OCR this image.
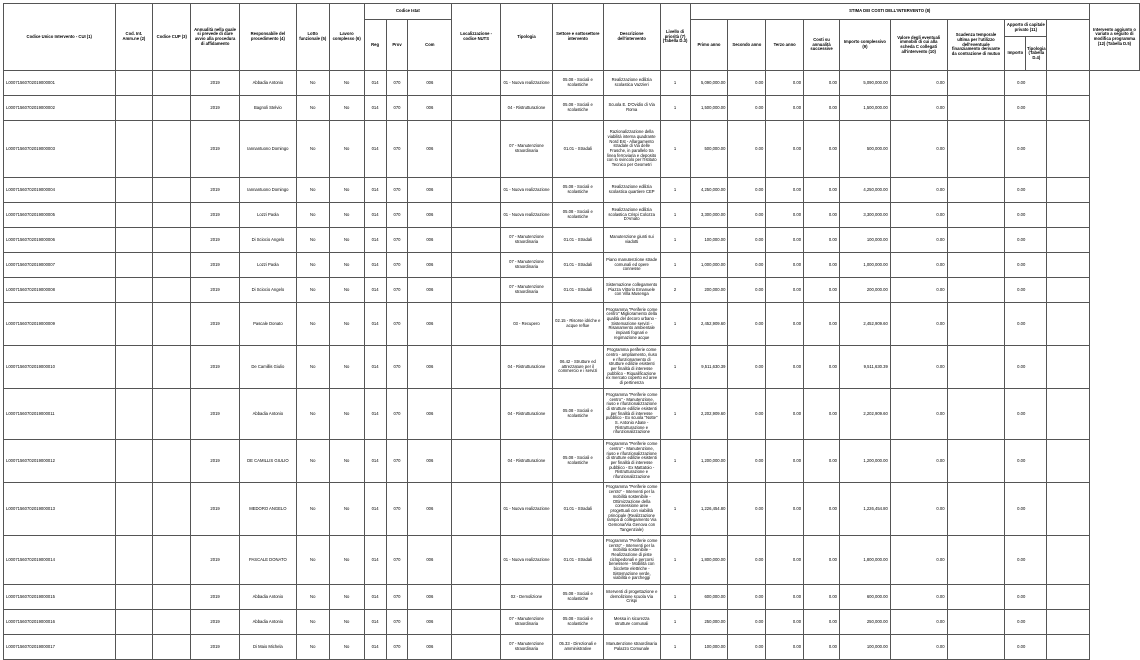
Codice Unico Intervento - CUI (1)	Cod. Int. Amm.ne (2)	Codice CUP (3)	Annualità nella quale si prevede di dare avvio alla procedura di affidamento	Responsabile del procedimento (4)	Lotto funzionale (5)	Lavoro complesso (6)	Codice Istat			Localizzazione - codice NUTS	Tipologia	Settore e sottosettore intervento	Descrizione dell'intervento	Livello di priorità (7) (Tabella D.3)	STIMA DEI COSTI DELL'INTERVENTO (8)									Intervento aggiunto o variato a seguito di modifica programma (12) (Tabella D.5)
							Reg	Prov	Com						Primo anno	Secondo anno	Terzo anno	Costi su annualità successive	Importo complessivo (9)	Valore degli eventuali immobili di cui alla scheda C collegati all'intervento (10)	Scadenza temporale ultima per l'utilizzo dell'eventuale finanziamento derivante da contrazione di mutuo	Apporto di capitale privato (11)
Importo
Tipologia (Tabella D.4)		

L00071560702019000001			2019	Abbadia Antonio	No	No	014	070	006		01 - Nuova realizzazione	05.08 - Sociali e scolastiche	Realizzazione edilizia scolastica Vazzieri	1	5,090,000.00	0.00	0.00	0.00	5,090,000.00	0.00		0.00		

L00071560702019000002			2019	Bagnoli Stelvio	No	No	014	070	006		04 - Ristrutturazione	05.08 - Sociali e scolastiche	Scuola E. D'Ovidio di Via Roma	1	1,500,000.00	0.00	0.00	0.00	1,500,000.00	0.00		0.00		

L00071560702019000003			2019	Iannantuono Domingo	No	No	014	070	006		07 - Manutenzione straordinaria	01.01 - Stradali	Razionalizzazione della viabilità interna quadrante Nord Est - Allargamento stradale di Via delle Frasche, in parallelo tra linea ferroviaria e deposito con lo svincolo per l'Istituto Tecnico per Geometri	1	500,000.00	0.00	0.00	0.00	500,000.00	0.00		0.00		

L00071560702019000004			2019	Iannantuono Domingo	No	No	014	070	006		01 - Nuova realizzazione	05.08 - Sociali e scolastiche	Realizzazione edilizia scolastica quartiere CEP	1	4,250,000.00	0.00	0.00	0.00	4,250,000.00	0.00		0.00		

L00071560702019000005			2019	Lozzi Paola	No	No	014	070	006		01 - Nuova realizzazione	05.08 - Sociali e scolastiche	Realizzazione edilizia scolastica Crispi Colozza D'Amato	1	3,300,000.00	0.00	0.00	0.00	3,300,000.00	0.00		0.00		

L00071560702019000006			2019	Di Sciocio Angelo	No	No	014	070	006		07 - Manutenzione straordinaria	01.01 - Stradali	Manutenzione giunti sui viadotti	1	100,000.00	0.00	0.00	0.00	100,000.00	0.00		0.00		

L00071560702019000007			2019	Lozzi Paola	No	No	014	070	006		07 - Manutenzione straordinaria	01.01 - Stradali	Piano manutenzione strade comunali ed opere connesse	1	1,000,000.00	0.00	0.00	0.00	1,000,000.00	0.00		0.00		

L00071560702019000008			2019	Di Sciocio Angelo	No	No	014	070	006		07 - Manutenzione straordinaria	01.01 - Stradali	Sistemazione collegamento Piazza Vittorio Emanuele con Villa Musenga	2	200,000.00	0.00	0.00	0.00	200,000.00	0.00		0.00		

L00071560702019000009			2019	Pascale Donato	No	No	014	070	006		03 - Recupero	02.15 - Risorse idriche e acque reflue	Programma "Periferie come centro" Miglioramento della qualità del decoro urbano - Sistemazione servizi - Risanamento ambientale impianti fognari e regimazione acque	1	2,452,909.60	0.00	0.00	0.00	2,452,909.60	0.00		0.00		

L00071560702019000010			2019	De Camillis Giulio	No	No	014	070	006		04 - Ristrutturazione	06.42 - Strutture ed attrezzature per il commercio e i servizi	Programma periferie come centro - ampliamento, riuso e rifunzionamento di strutture edilizie esistenti per finalità di interesse pubblico - Riqualificazione ex mercato coperto ed aree di pertinenza	1	9,511,630.39	0.00	0.00	0.00	9,511,630.39	0.00		0.00		

L00071560702019000011			2019	Abbadia Antonio	No	No	014	070	006		04 - Ristrutturazione	05.08 - Sociali e scolastiche	Programma "Periferie come centro" - Manutenzione, riuso e rifunzionalizzazione di strutture edilizie esistenti per finalità di interesse pubblico - Ex scuola "Notte" S. Antonio Abate - Ristrutturazione e rifunzionalizzazione	1	2,202,909.60	0.00	0.00	0.00	2,202,909.60	0.00		0.00		

L00071560702019000012			2019	DE CAMILLIS GIULIO	No	No	014	070	006		04 - Ristrutturazione	05.08 - Sociali e scolastiche	Programma "Periferie come centro" - Manutenzione, riuso e rifunzionalizzazione di strutture edilizie esistenti per finalità di interesse pubblico - Ex Mattatoio - Ristrutturazione e rifunzionalizzazione	1	1,200,000.00	0.00	0.00	0.00	1,200,000.00	0.00		0.00		

L00071560702019000013			2019	MEDORO ANGELO	No	No	014	070	006		01 - Nuova realizzazione	01.01 - Stradali	Programma "Periferie come centro" - Interventi per la mobilità sostenibile - Ottimizzazione della connessione aree progettuali con viabilità principale (Realizzazione rampa di collegamento Via Gemona/Via Genova con Tangenziale)	1	1,226,454.80	0.00	0.00	0.00	1,226,454.80	0.00		0.00		

L00071560702019000014			2019	PASCALE DONATO	No	No	014	070	006		01 - Nuova realizzazione	01.01 - Stradali	Programma "Periferie come centro" - Interventi per la mobilità sostenibile - Realizzazione di piste ciclopedonali e percorsi benessere - Mobilità con bicclette elettriche - Sistemazione verde, viabilità e parcheggi	1	1,800,000.00	0.00	0.00	0.00	1,800,000.00	0.00		0.00		

L00071560702019000015			2019	Abbadia Antonio	No	No	014	070	006		02 - Demolizione	05.08 - Sociali e scolastiche	Interventi di progettazione e demolizione scuola Via Crispi	1	600,000.00	0.00	0.00	0.00	600,000.00	0.00		0.00		

L00071560702019000016			2019	Abbadia Antonio	No	No	014	070	006		07 - Manutenzione straordinaria	05.08 - Sociali e scolastiche	Messa in sicurezza strutture comunali	1	250,000.00	0.00	0.00	0.00	250,000.00	0.00		0.00		

L00071560702019000017			2019	Di Maio Michela	No	No	014	070	006		07 - Manutenzione straordinaria	05.33 - Direzionali e amministrative	Manutenzione straordinaria Palazzo Comunale	1	100,000.00	0.00	0.00	0.00	100,000.00	0.00		0.00		
